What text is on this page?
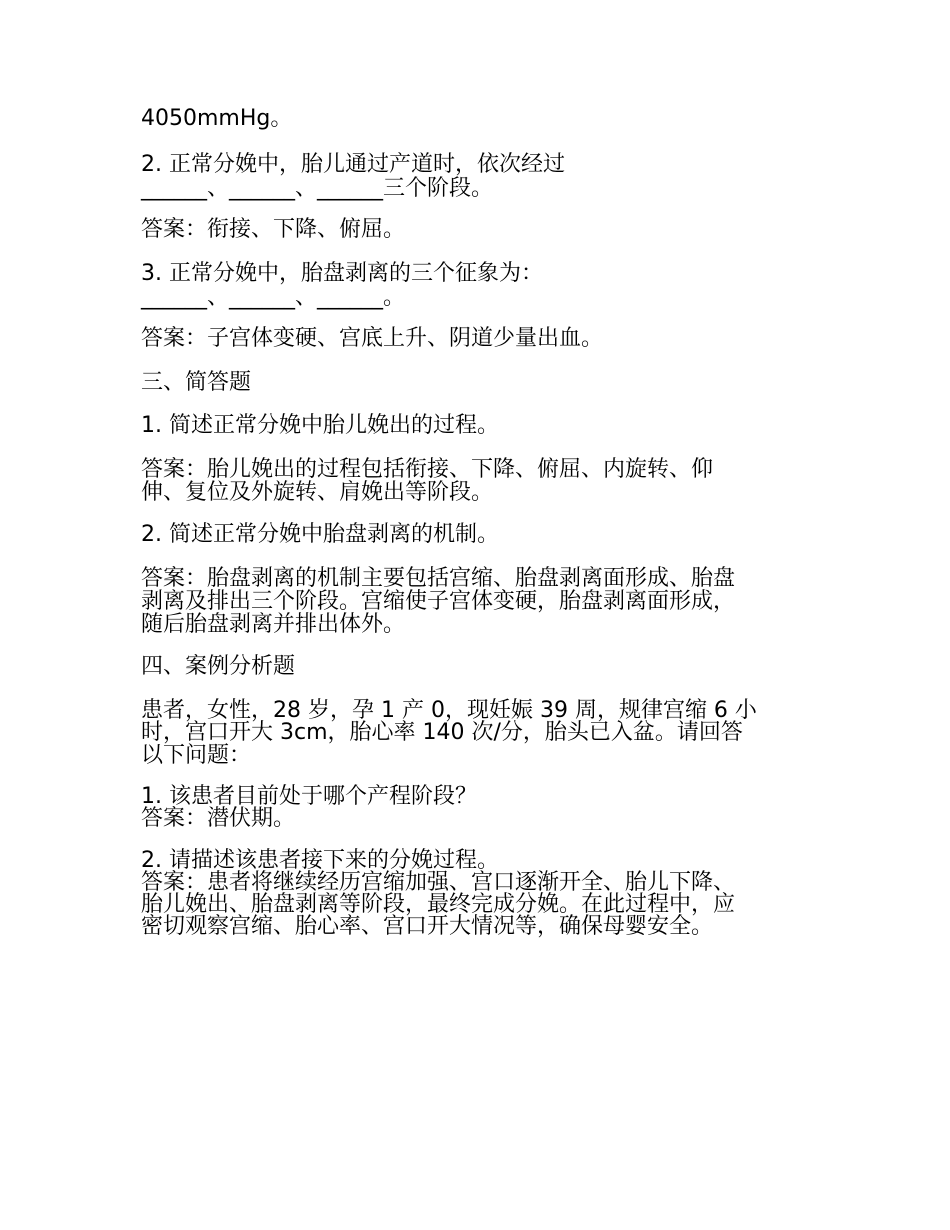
4050mmHg。
2. 正常分娩中，胎儿通过产道时，依次经过
______、______、______三个阶段。
答案：衔接、下降、俯屈。
3. 正常分娩中，胎盘剥离的三个征象为：
______、______、______。
答案：子宫体变硬、宫底上升、阴道少量出血。
三、简答题
1. 简述正常分娩中胎儿娩出的过程。
答案：胎儿娩出的过程包括衔接、下降、俯屈、内旋转、仰
伸、复位及外旋转、肩娩出等阶段。
2. 简述正常分娩中胎盘剥离的机制。
答案：胎盘剥离的机制主要包括宫缩、胎盘剥离面形成、胎盘
剥离及排出三个阶段。宫缩使子宫体变硬，胎盘剥离面形成，
随后胎盘剥离并排出体外。
四、案例分析题
患者，女性，28 岁，孕 1 产 0，现妊娠 39 周，规律宫缩 6 小
时，宫口开大 3cm，胎心率 140 次/分，胎头已入盆。请回答
以下问题：
1. 该患者目前处于哪个产程阶段？
答案：潜伏期。
2. 请描述该患者接下来的分娩过程。
答案：患者将继续经历宫缩加强、宫口逐渐开全、胎儿下降、
胎儿娩出、胎盘剥离等阶段，最终完成分娩。在此过程中，应
密切观察宫缩、胎心率、宫口开大情况等，确保母婴安全。
